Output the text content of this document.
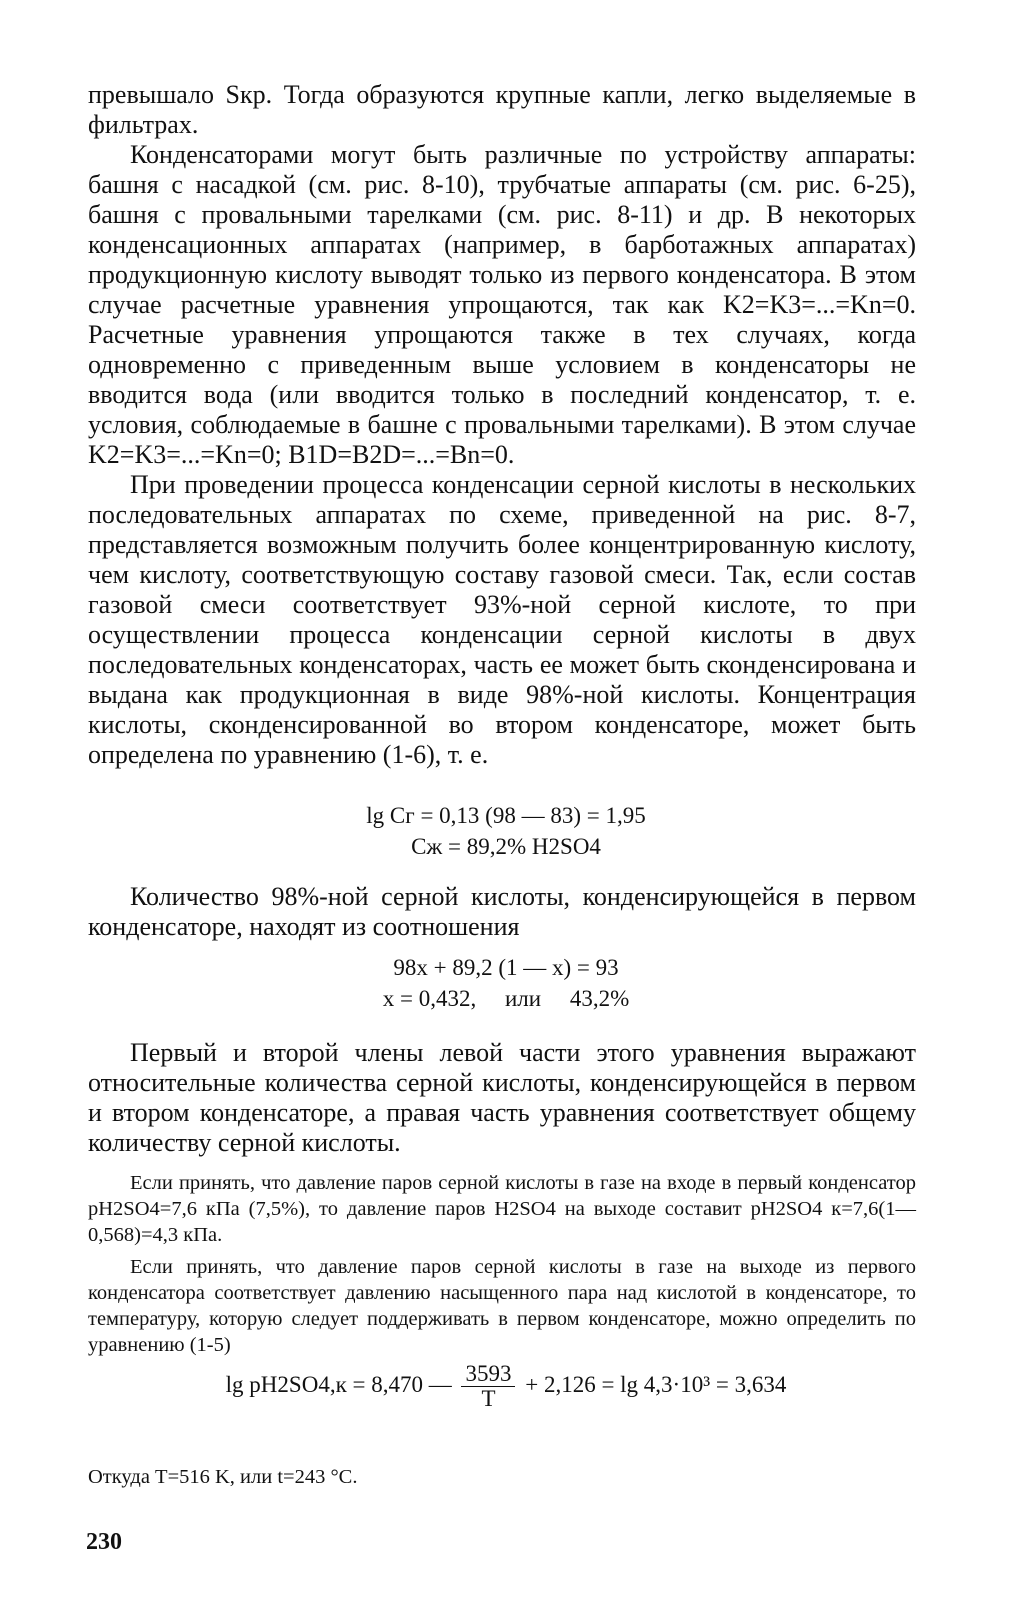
превышало Sкр. Тогда образуются крупные капли, легко выделяемые в фильтрах.

Конденсаторами могут быть различные по устройству аппараты: башня с насадкой (см. рис. 8-10), трубчатые аппараты (см. рис. 6-25), башня с провальными тарелками (см. рис. 8-11) и др. В некоторых конденсационных аппаратах (например, в барботажных аппаратах) продукционную кислоту выводят только из первого конденсатора. В этом случае расчетные уравнения упрощаются, так как K2=K3=...=Kn=0. Расчетные уравнения упрощаются также в тех случаях, когда одновременно с приведенным выше условием в конденсаторы не вводится вода (или вводится только в последний конденсатор, т. е. условия, соблюдаемые в башне с провальными тарелками). В этом случае K2=K3=...=Kn=0; B1D=B2D=...=Bn=0.

При проведении процесса конденсации серной кислоты в нескольких последовательных аппаратах по схеме, приведенной на рис. 8-7, представляется возможным получить более концентрированную кислоту, чем кислоту, соответствующую составу газовой смеси. Так, если состав газовой смеси соответствует 93%-ной серной кислоте, то при осуществлении процесса конденсации серной кислоты в двух последовательных конденсаторах, часть ее может быть сконденсирована и выдана как продукционная в виде 98%-ной кислоты. Концентрация кислоты, сконденсированной во втором конденсаторе, может быть определена по уравнению (1-6), т. е.

lg Cг = 0,13 (98 — 83) = 1,95
Cж = 89,2% H2SO4

Количество 98%-ной серной кислоты, конденсирующейся в первом конденсаторе, находят из соотношения

98x + 89,2 (1 — x) = 93
x = 0,432,     или     43,2%

Первый и второй члены левой части этого уравнения выражают относительные количества серной кислоты, конденсирующейся в первом и втором конденсаторе, а правая часть уравнения соответствует общему количеству серной кислоты.

Если принять, что давление паров серной кислоты в газе на входе в первый конденсатор pH2SO4=7,6 кПа (7,5%), то давление паров H2SO4 на выходе составит pH2SO4 к=7,6(1—0,568)=4,3 кПа.

Если принять, что давление паров серной кислоты в газе на выходе из первого конденсатора соответствует давлению насыщенного пара над кислотой в конденсаторе, то температуру, которую следует поддерживать в первом конденсаторе, можно определить по уравнению (1-5)

lg pH2SO4,к = 8,470 — $\frac{3593}{T} + 2,126 = \lg 4,3\cdot 10^3 = 3,634$
Откуда T=516 K, или t=243 °C.
230
